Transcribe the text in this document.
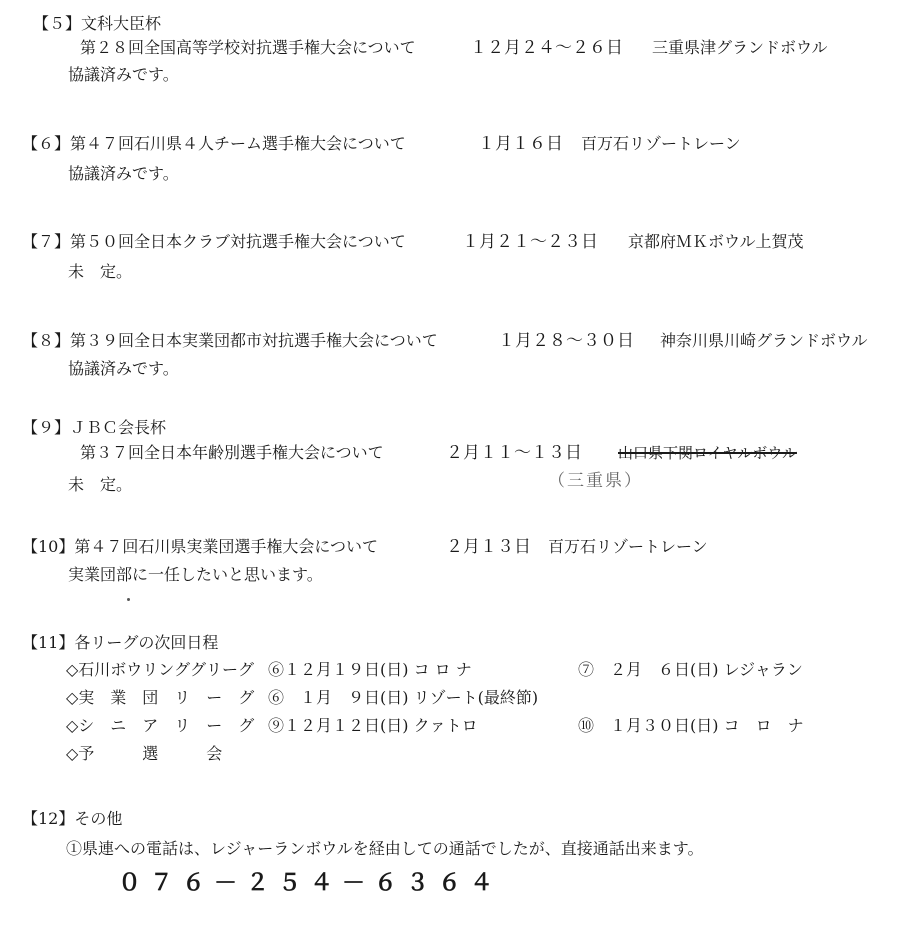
【５】文科大臣杯
第２８回全国高等学校対抗選手権大会について	１２月２４～２６日 三重県津グランドボウル
協議済みです。
【６】第４７回石川県４人チーム選手権大会について	１月１６日 百万石リゾートレーン
協議済みです。
【７】第５０回全日本クラブ対抗選手権大会について	１月２１～２３日 京都府ＭＫボウル上賀茂
未　定。
【８】第３９回全日本実業団都市対抗選手権大会について	１月２８～３０日 神奈川県川崎グランドボウル
協議済みです。
【９】ＪＢＣ会長杯
第３７回全日本年齢別選手権大会について	２月１１～１３日 山口県下関ロイヤルボウル
（三重県）
未　定。
【10】第４７回石川県実業団選手権大会について	２月１３日 百万石リゾートレーン
実業団部に一任したいと思います。
【11】各リーグの次回日程
◇石川ボウリンググリーグ ⑥１２月１９日(日) コ ロ ナ	⑦　２月　６日(日) レジャラン
◇実　業　団　リ　ー　グ ⑥　１月　９日(日) リゾート(最終節)
◇シ　ニ　ア　リ　ー　グ ⑨１２月１２日(日) クァトロ	⑩　１月３０日(日) コ　ロ　ナ
◇予　　　選　　　会
【12】その他
①県連への電話は、レジャーランボウルを経由しての通話でしたが、直接通話出来ます。
０７６－２５４－６３６４
